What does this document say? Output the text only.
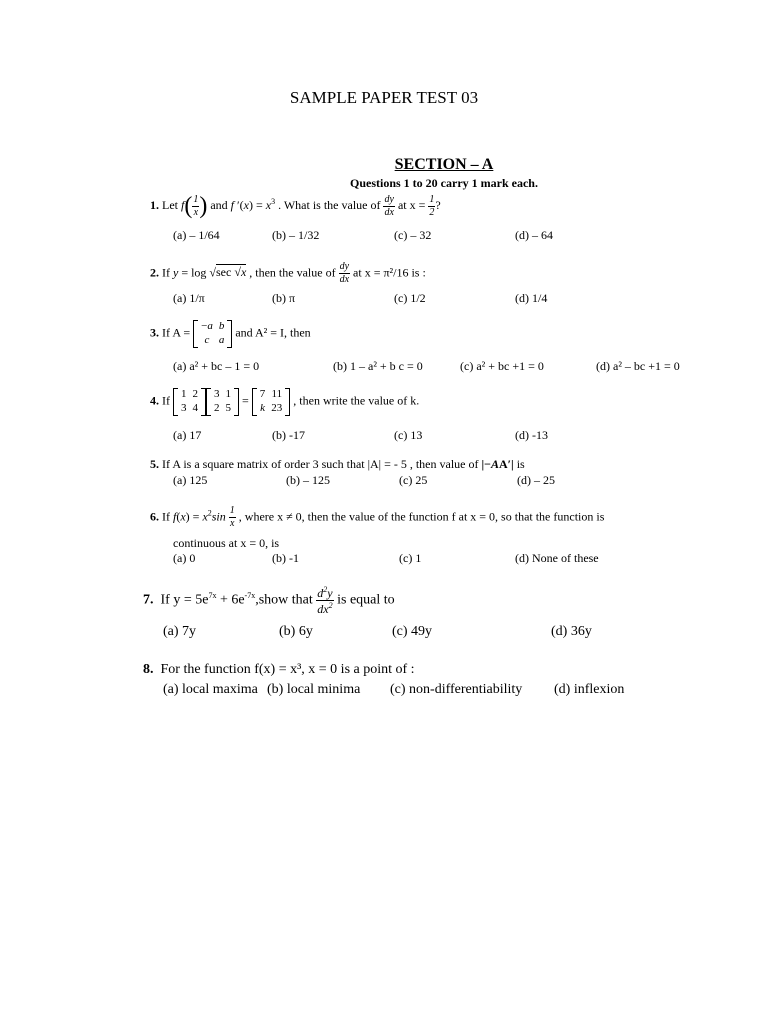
SAMPLE PAPER TEST 03
SECTION – A
Questions 1 to 20 carry 1 mark each.
1. Let $f( \frac{1}{x}$ ) and f $'(x) = x^3$ . What is the value of $\frac{dy}{dx}$ at $x = \frac{1}{2}$ ?
(a) – 1/64	(b) – 1/32	(c) – 32	(d) – 64
2. If y = log √sec √x , then the value of $\frac{dy}{dx}$ at x = π²/16 is :
(a) 1/π	(b) π	(c) 1/2	(d) 1/4
3. If A = −a	b
c	a
and A² = I, then
(a) a² + bc – 1 = 0	(b) 1 – a² + b c = 0	(c) a² + bc +1 = 0	(d) a² – bc +1 = 0
4. If 1	2
3	4
3	1
2	5
= 7	11
k	23
, then write the value of k.
(a) 17	(b) -17	(c) 13	(d) -13
5. If A is a square matrix of order 3 such that |A| = - 5 , then value of |−AA′| is
(a) 125	(b) – 125	(c) 25	(d) – 25
6. If $f(x) = x^2\sin \frac{1}{x}$ , where x ≠ 0, then the value of the function f at x = 0, so that the function is
continuous at x = 0, is
(a) 0	(b) -1	(c) 1	(d) None of these
7.  If $y = 5e^{7x}$ + $6e^{-7x},show$ that $\frac{d^2y}{dx^2}$ is equal to
(a) 7y	(b) 6y	(c) 49y	(d) 36y
8. For the function f(x) = x³, x = 0 is a point of :
(a) local maxima (b) local minima (c) non-differentiability (d) inflexion
